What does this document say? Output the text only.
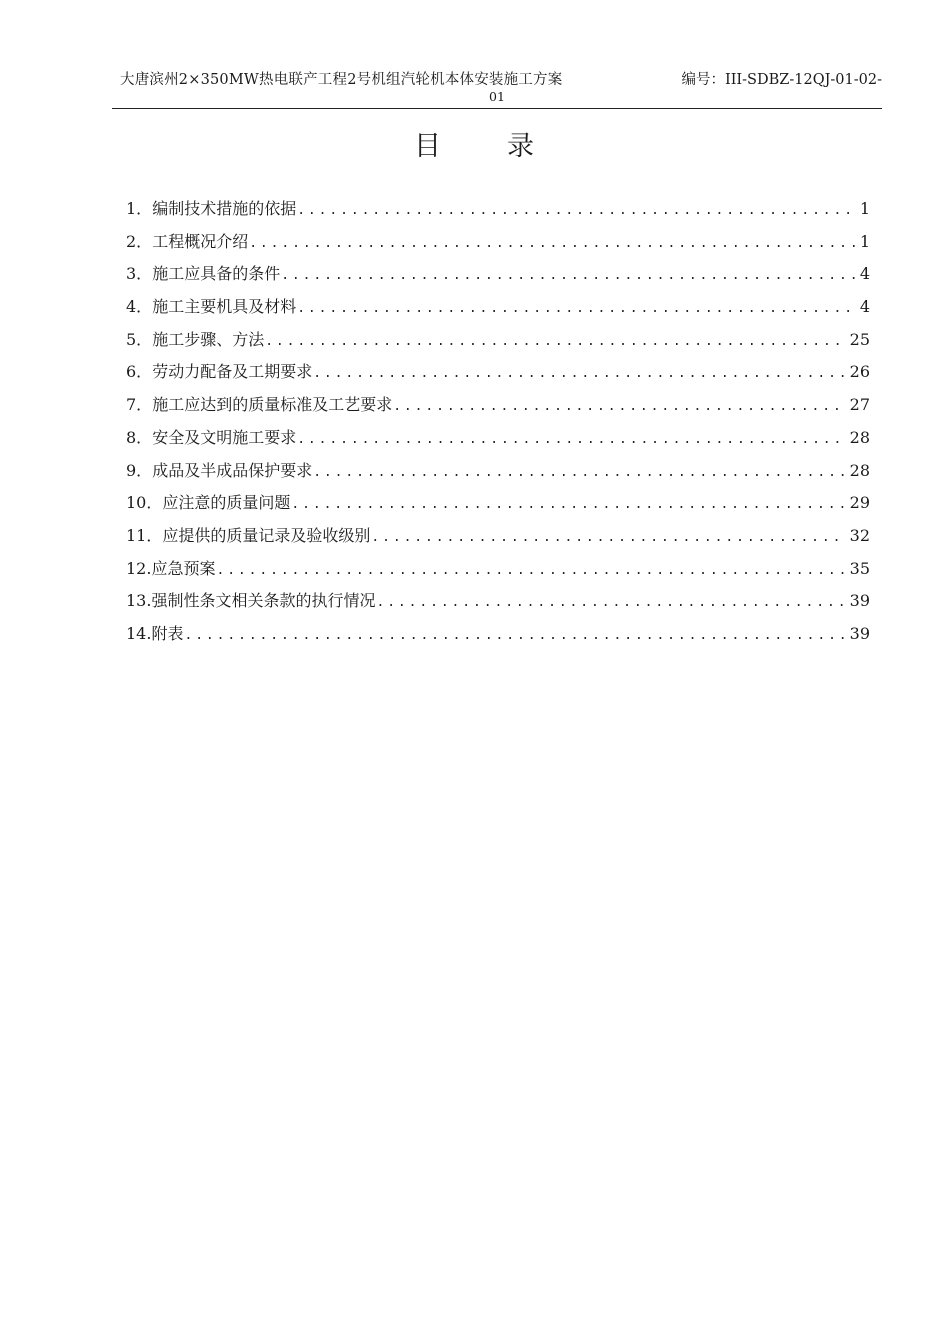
大唐滨州2×350MW热电联产工程2号机组汽轮机本体安装施工方案	编号：III-SDBZ-12QJ-01-02-
01
目 录
1． 编制技术措施的依据 .....	1
2． 工程概况介绍 .....	1
3． 施工应具备的条件 .....	4
4． 施工主要机具及材料 .....	4
5． 施工步骤、方法 .....	25
6． 劳动力配备及工期要求 .....	26
7． 施工应达到的质量标准及工艺要求 .....	27
8． 安全及文明施工要求 .....	28
9． 成品及半成品保护要求 .....	28
10． 应注意的质量问题 .....	29
11． 应提供的质量记录及验收级别 .....	32
12. 应急预案 .....	35
13. 强制性条文相关条款的执行情况 .....	39
14. 附表 .....	39
